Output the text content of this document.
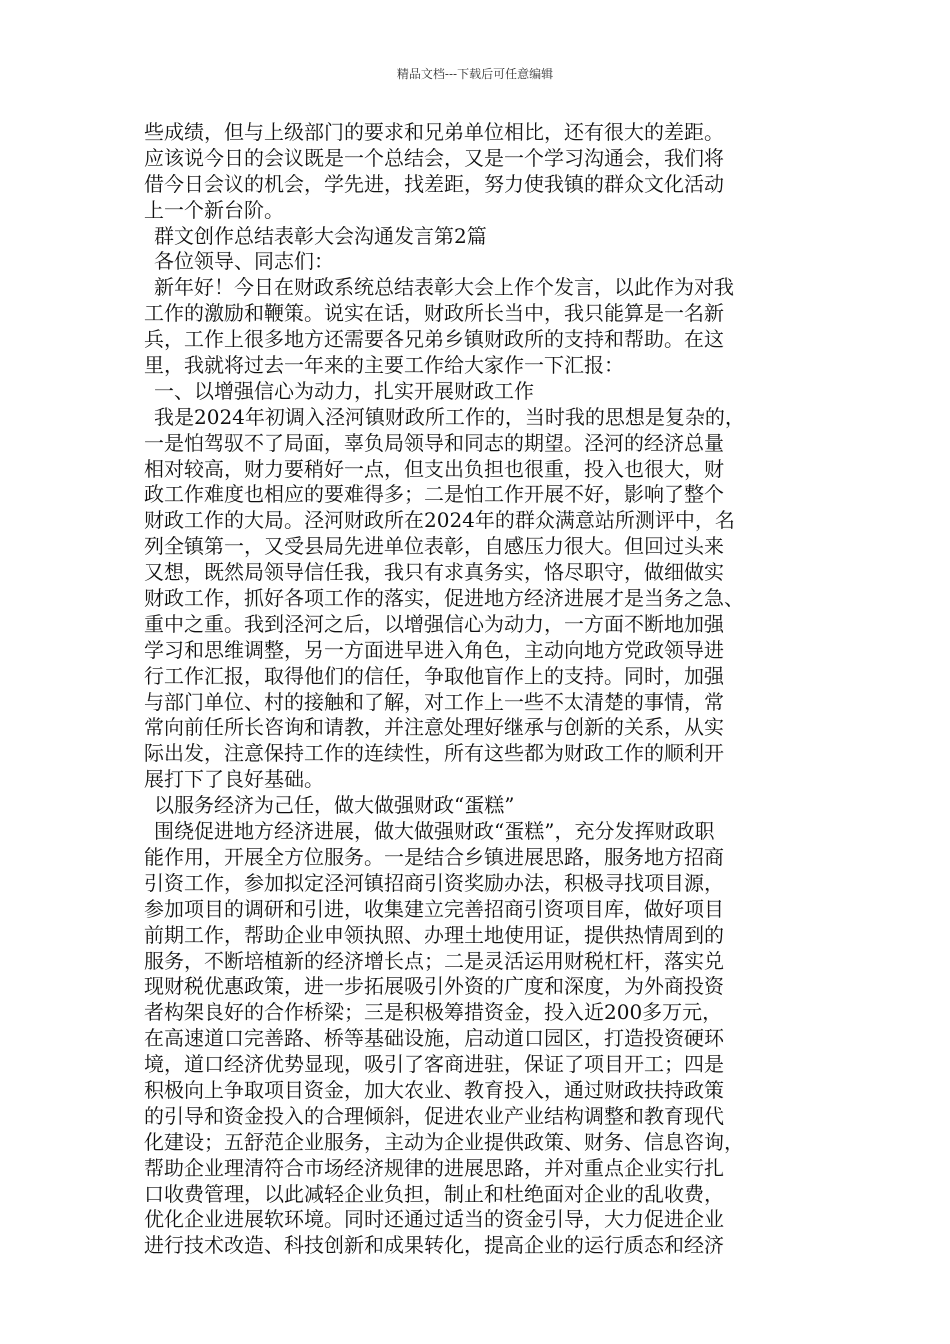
精品文档---下载后可任意编辑
些成绩，但与上级部门的要求和兄弟单位相比，还有很大的差距。
应该说今日的会议既是一个总结会，又是一个学习沟通会，我们将
借今日会议的机会，学先进，找差距，努力使我镇的群众文化活动
上一个新台阶。
群文创作总结表彰大会沟通发言第2篇
各位领导、同志们：
新年好！今日在财政系统总结表彰大会上作个发言，以此作为对我
工作的激励和鞭策。说实在话，财政所长当中，我只能算是一名新
兵，工作上很多地方还需要各兄弟乡镇财政所的支持和帮助。在这
里，我就将过去一年来的主要工作给大家作一下汇报：
一、以增强信心为动力，扎实开展财政工作
我是2024年初调入泾河镇财政所工作的，当时我的思想是复杂的，
一是怕驾驭不了局面，辜负局领导和同志的期望。泾河的经济总量
相对较高，财力要稍好一点，但支出负担也很重，投入也很大，财
政工作难度也相应的要难得多；二是怕工作开展不好，影响了整个
财政工作的大局。泾河财政所在2024年的群众满意站所测评中，名
列全镇第一，又受县局先进单位表彰，自感压力很大。但回过头来
又想，既然局领导信任我，我只有求真务实，恪尽职守，做细做实
财政工作，抓好各项工作的落实，促进地方经济进展才是当务之急、
重中之重。我到泾河之后，以增强信心为动力，一方面不断地加强
学习和思维调整，另一方面进早进入角色，主动向地方党政领导进
行工作汇报，取得他们的信任，争取他盲作上的支持。同时，加强
与部门单位、村的接触和了解，对工作上一些不太清楚的事情，常
常向前任所长咨询和请教，并注意处理好继承与创新的关系，从实
际出发，注意保持工作的连续性，所有这些都为财政工作的顺利开
展打下了良好基础。
以服务经济为己任，做大做强财政“蛋糕”
围绕促进地方经济进展，做大做强财政“蛋糕”，充分发挥财政职
能作用，开展全方位服务。一是结合乡镇进展思路，服务地方招商
引资工作，参加拟定泾河镇招商引资奖励办法，积极寻找项目源，
参加项目的调研和引进，收集建立完善招商引资项目库，做好项目
前期工作，帮助企业申领执照、办理土地使用证，提供热情周到的
服务，不断培植新的经济增长点；二是灵活运用财税杠杆，落实兑
现财税优惠政策，进一步拓展吸引外资的广度和深度，为外商投资
者构架良好的合作桥梁；三是积极筹措资金，投入近200多万元，
在高速道口完善路、桥等基础设施，启动道口园区，打造投资硬环
境，道口经济优势显现，吸引了客商进驻，保证了项目开工；四是
积极向上争取项目资金，加大农业、教育投入，通过财政扶持政策
的引导和资金投入的合理倾斜，促进农业产业结构调整和教育现代
化建设；五舒范企业服务，主动为企业提供政策、财务、信息咨询，
帮助企业理清符合市场经济规律的进展思路，并对重点企业实行扎
口收费管理，以此减轻企业负担，制止和杜绝面对企业的乱收费，
优化企业进展软环境。同时还通过适当的资金引导，大力促进企业
进行技术改造、科技创新和成果转化，提高企业的运行质态和经济
